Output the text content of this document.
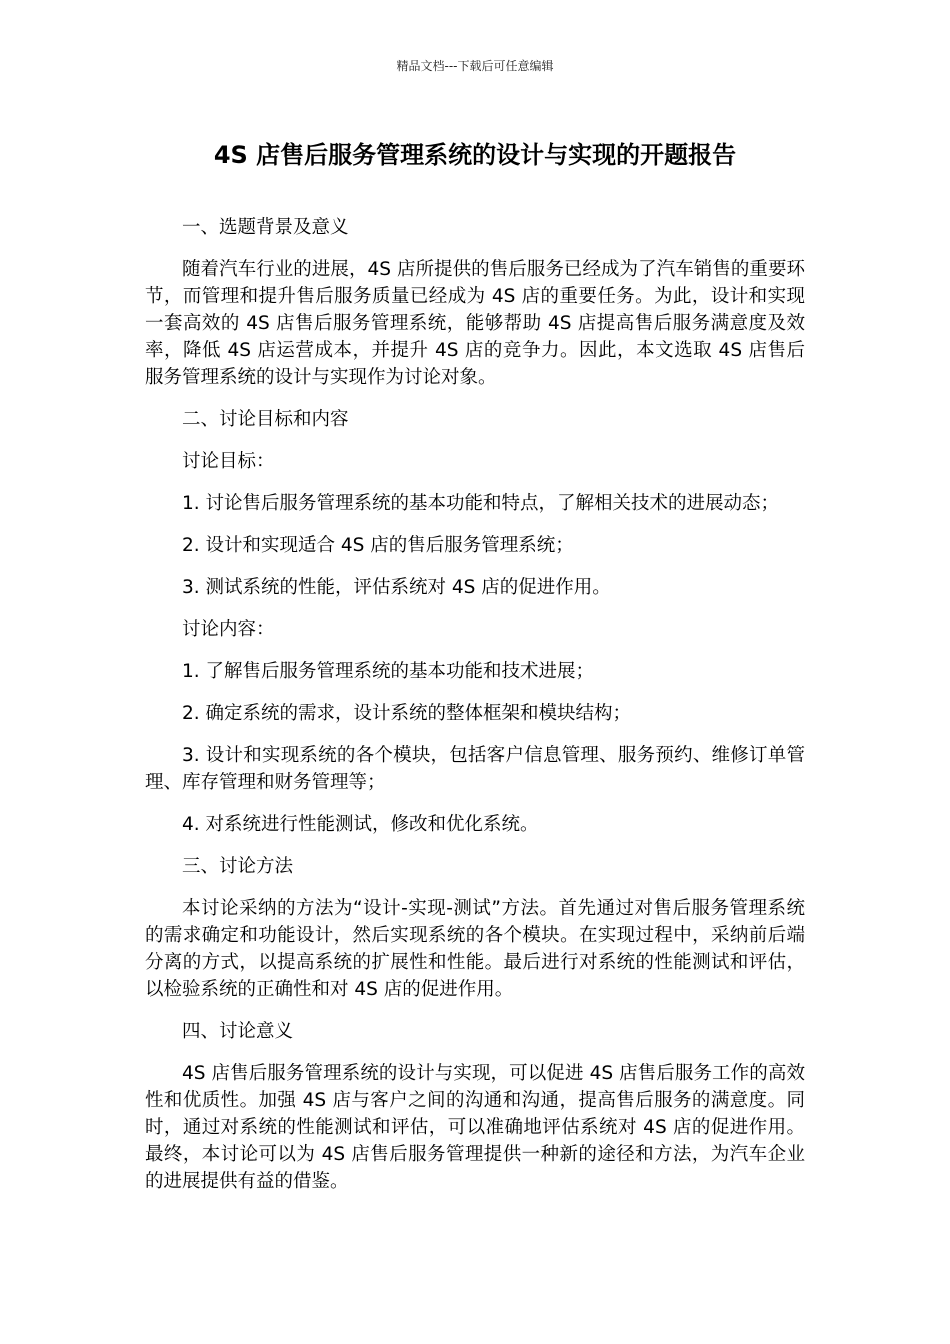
精品文档---下载后可任意编辑
4S 店售后服务管理系统的设计与实现的开题报告

一、选题背景及意义

随着汽车行业的进展，4S 店所提供的售后服务已经成为了汽车销售的重要环节，而管理和提升售后服务质量已经成为 4S 店的重要任务。为此，设计和实现一套高效的 4S 店售后服务管理系统，能够帮助 4S 店提高售后服务满意度及效率，降低 4S 店运营成本，并提升 4S 店的竞争力。因此，本文选取 4S 店售后服务管理系统的设计与实现作为讨论对象。

二、讨论目标和内容

讨论目标：

1. 讨论售后服务管理系统的基本功能和特点，了解相关技术的进展动态；

2. 设计和实现适合 4S 店的售后服务管理系统；

3. 测试系统的性能，评估系统对 4S 店的促进作用。

讨论内容：

1. 了解售后服务管理系统的基本功能和技术进展；

2. 确定系统的需求，设计系统的整体框架和模块结构；

3. 设计和实现系统的各个模块，包括客户信息管理、服务预约、维修订单管理、库存管理和财务管理等；

4. 对系统进行性能测试，修改和优化系统。

三、讨论方法

本讨论采纳的方法为“设计-实现-测试”方法。首先通过对售后服务管理系统的需求确定和功能设计，然后实现系统的各个模块。在实现过程中，采纳前后端分离的方式，以提高系统的扩展性和性能。最后进行对系统的性能测试和评估，以检验系统的正确性和对 4S 店的促进作用。

四、讨论意义

4S 店售后服务管理系统的设计与实现，可以促进 4S 店售后服务工作的高效性和优质性。加强 4S 店与客户之间的沟通和沟通，提高售后服务的满意度。同时，通过对系统的性能测试和评估，可以准确地评估系统对 4S 店的促进作用。最终，本讨论可以为 4S 店售后服务管理提供一种新的途径和方法，为汽车企业的进展提供有益的借鉴。
